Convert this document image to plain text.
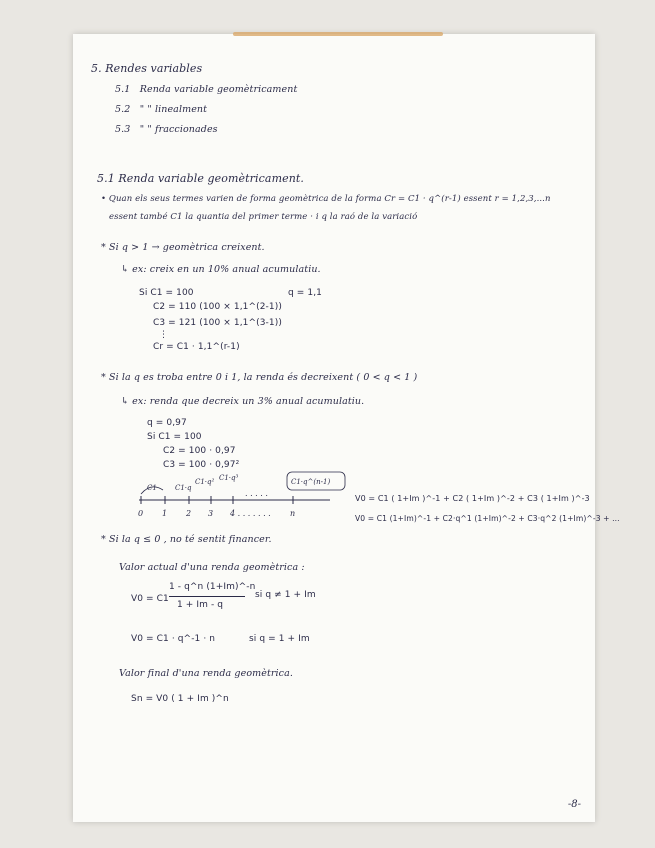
5. Rendes variables
5.1 Renda variable geomètricament
5.2 " " linealment
5.3 " " fraccionades
5.1 Renda variable geomètricament.
• Quan els seus termes varien de forma geomètrica de la forma Cr = C1 · q^(r-1) essent r = 1,2,3,...n
essent també C1 la quantia del primer terme · i q la raó de la variació
* Si q > 1 → geomètrica creixent.
↳ ex: creix en un 10% anual acumulatiu.
Si C1 = 100	q = 1,1
C2 = 110 (100 × 1,1^(2-1))
C3 = 121 (100 × 1,1^(3-1))
⋮
Cr = C1 · 1,1^(r-1)
* Si la q es troba entre 0 i 1, la renda és decreixent ( 0 < q < 1 )
↳ ex: renda que decreix un 3% anual acumulatiu.
q = 0,97
Si C1 = 100
C2 = 100 · 0,97
C3 = 100 · 0,97²
C1	C1·q
C1·q² C1·q³	C1·q^(n-1)
. . . . .
0 1 2 3 4 . . . . . . . n
V0 = C1 ( 1+Im )^-1 + C2 ( 1+Im )^-2 + C3 ( 1+Im )^-3
V0 = C1 (1+Im)^-1 + C2·q^1 (1+Im)^-2 + C3·q^2 (1+Im)^-3 + ...
* Si la q ≤ 0 , no té sentit financer.
Valor actual d'una renda geomètrica :
V0 = C1
1 - q^n (1+Im)^-n
1 + Im - q
si q ≠ 1 + Im
V0 = C1 · q^-1 · n	si q = 1 + Im
Valor final d'una renda geomètrica.
Sn = V0 ( 1 + Im )^n
-8-
